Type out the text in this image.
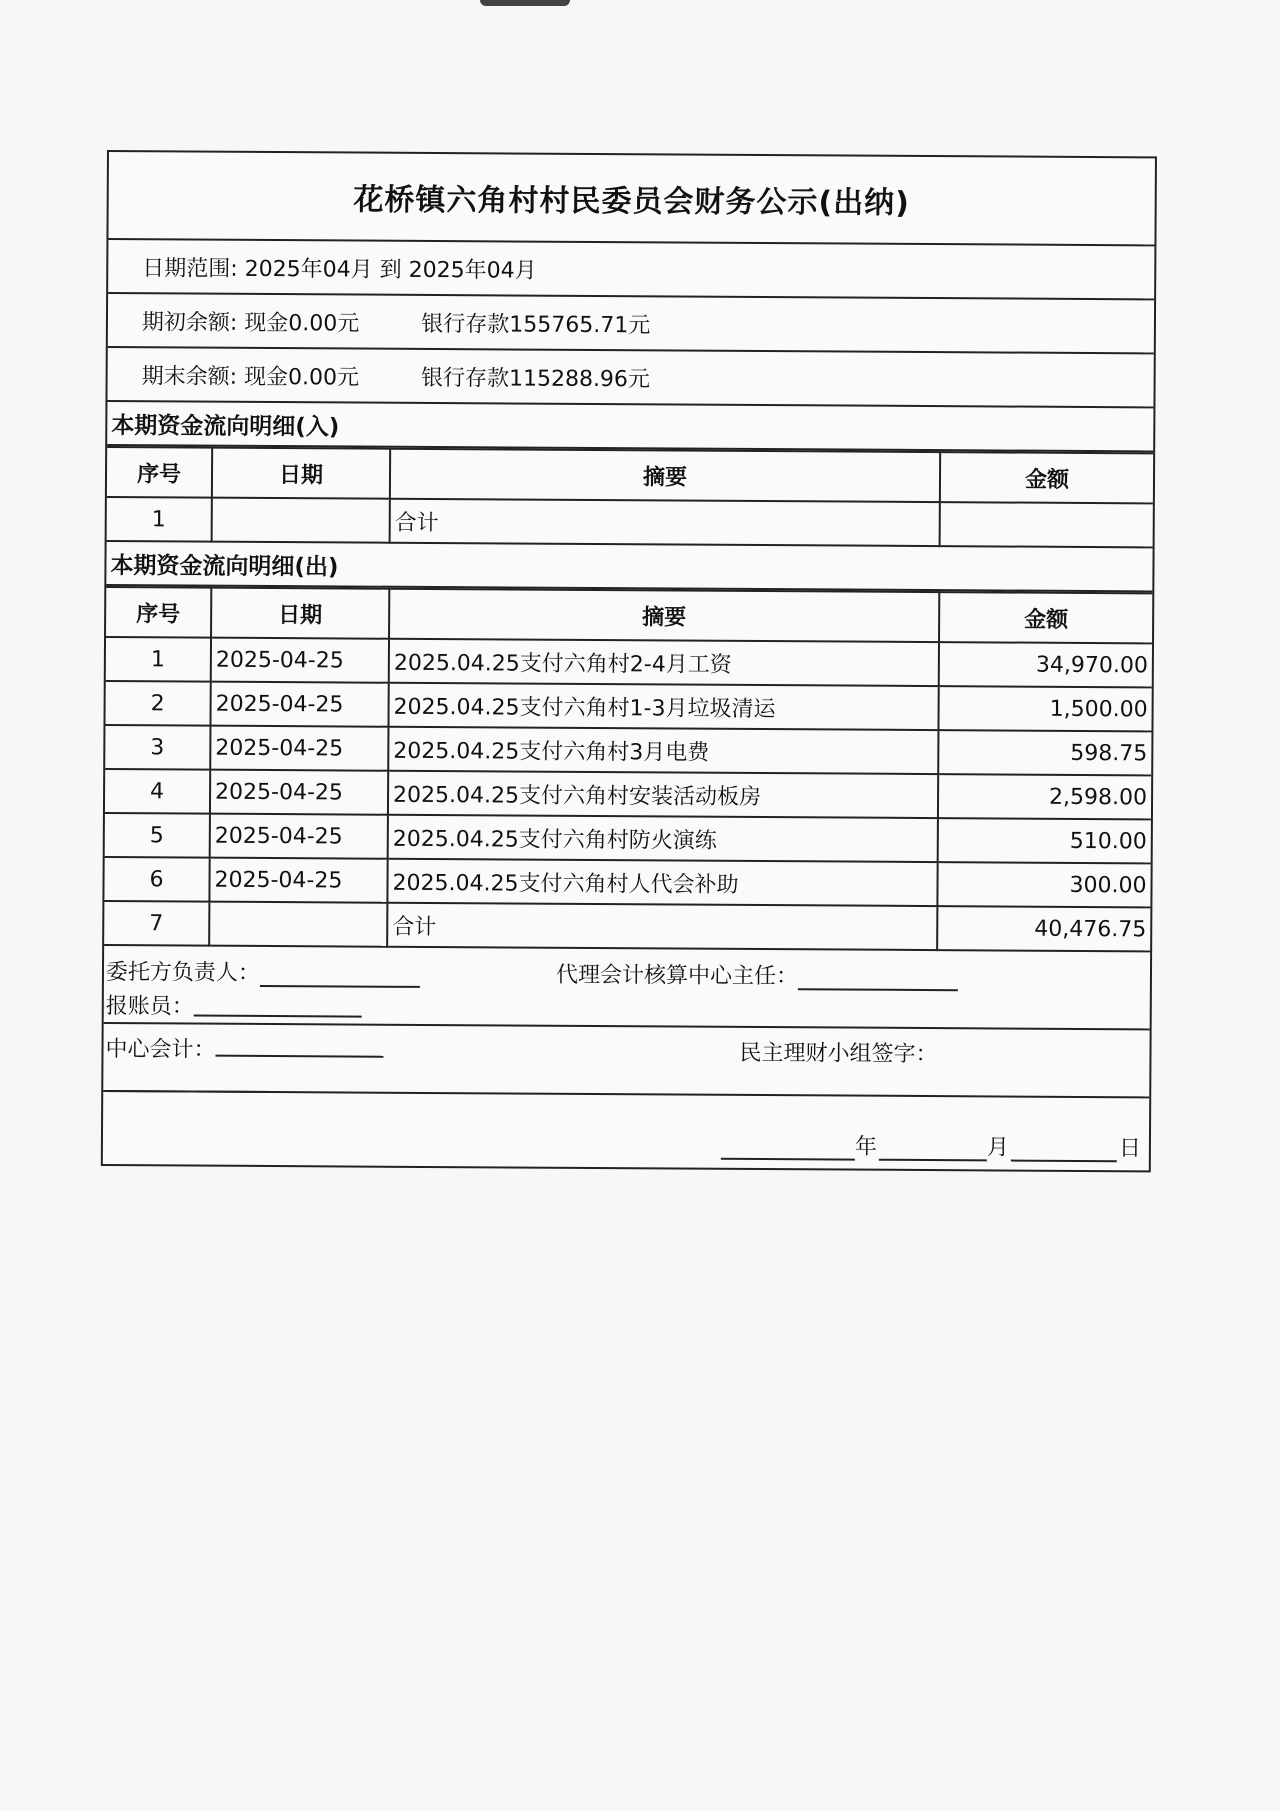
花桥镇六角村村民委员会财务公示(出纳)
日期范围: 2025年04月 到 2025年04月
期初余额: 现金0.00元	银行存款155765.71元
期末余额: 现金0.00元	银行存款115288.96元
本期资金流向明细(入)
序号	日期	摘要	金额
1		合计	
本期资金流向明细(出)
序号	日期	摘要	金额
1	2025-04-25	2025.04.25支付六角村2-4月工资	34,970.00
2	2025-04-25	2025.04.25支付六角村1-3月垃圾清运	1,500.00
3	2025-04-25	2025.04.25支付六角村3月电费	598.75
4	2025-04-25	2025.04.25支付六角村安装活动板房	2,598.00
5	2025-04-25	2025.04.25支付六角村防火演练	510.00
6	2025-04-25	2025.04.25支付六角村人代会补助	300.00
7		合计	40,476.75
委托方负责人：	代理会计核算中心主任：
报账员：
中心会计：	民主理财小组签字：
年	月	日
